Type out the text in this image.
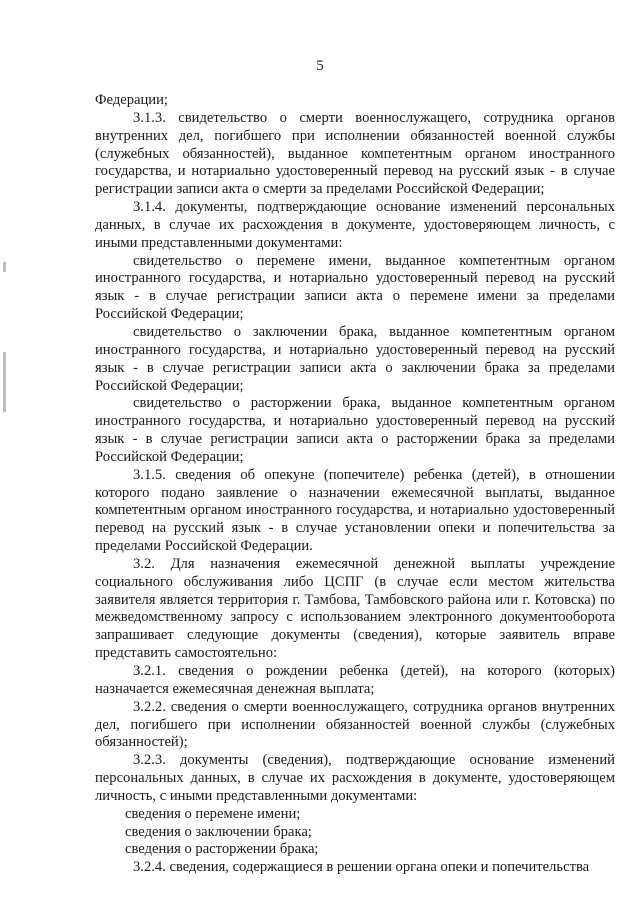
5

Федерации;

3.1.3. свидетельство о смерти военнослужащего, сотрудника органов внутренних дел, погибшего при исполнении обязанностей военной службы (служебных обязанностей), выданное компетентным органом иностранного государства, и нотариально удостоверенный перевод на русский язык - в случае регистрации записи акта о смерти за пределами Российской Федерации;

3.1.4. документы, подтверждающие основание изменений персональных данных, в случае их расхождения в документе, удостоверяющем личность, с иными представленными документами:

свидетельство о перемене имени, выданное компетентным органом иностранного государства, и нотариально удостоверенный перевод на русский язык - в случае регистрации записи акта о перемене имени за пределами Российской Федерации;

свидетельство о заключении брака, выданное компетентным органом иностранного государства, и нотариально удостоверенный перевод на русский язык - в случае регистрации записи акта о заключении брака за пределами Российской Федерации;

свидетельство о расторжении брака, выданное компетентным органом иностранного государства, и нотариально удостоверенный перевод на русский язык - в случае регистрации записи акта о расторжении брака за пределами Российской Федерации;

3.1.5. сведения об опекуне (попечителе) ребенка (детей), в отношении которого подано заявление о назначении ежемесячной выплаты, выданное компетентным органом иностранного государства, и нотариально удостоверенный перевод на русский язык - в случае установлении опеки и попечительства за пределами Российской Федерации.

3.2. Для назначения ежемесячной денежной выплаты учреждение социального обслуживания либо ЦСПГ (в случае если местом жительства заявителя является территория г. Тамбова, Тамбовского района или г. Котовска) по межведомственному запросу с использованием электронного документооборота запрашивает следующие документы (сведения), которые заявитель вправе представить самостоятельно:

3.2.1. сведения о рождении ребенка (детей), на которого (которых) назначается ежемесячная денежная выплата;

3.2.2. сведения о смерти военнослужащего, сотрудника органов внутренних дел, погибшего при исполнении обязанностей военной службы (служебных обязанностей);

3.2.3. документы (сведения), подтверждающие основание изменений персональных данных, в случае их расхождения в документе, удостоверяющем личность, с иными представленными документами:

сведения о перемене имени;

сведения о заключении брака;

сведения о расторжении брака;

3.2.4. сведения, содержащиеся в решении органа опеки и попечительства
